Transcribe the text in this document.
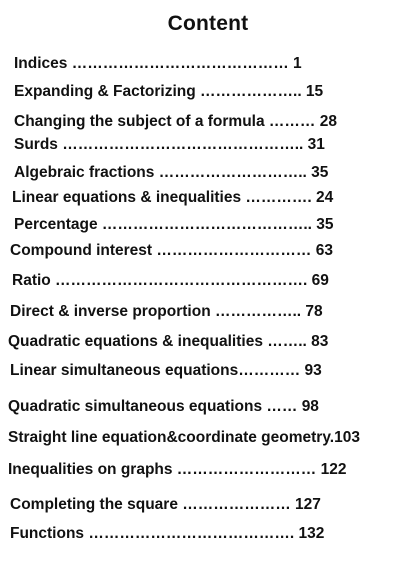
Content
Indices …………………………………… 1
Expanding & Factorizing ……………….. 15
Changing the subject of a formula ……… 28
Surds ……………………………………….. 31
Algebraic fractions ……………………….. 35
Linear equations & inequalities …………. 24
Percentage ………………………………….. 35
Compound interest ………………………… 63
Ratio …………………………………………. 69
Direct & inverse proportion …………….. 78
Quadratic equations & inequalities …….. 83
Linear simultaneous equations………… 93
Quadratic simultaneous equations …… 98
Straight line equation&coordinate geometry.103
Inequalities on graphs ……………………… 122
Completing the square ………………… 127
Functions …………………………………. 132
